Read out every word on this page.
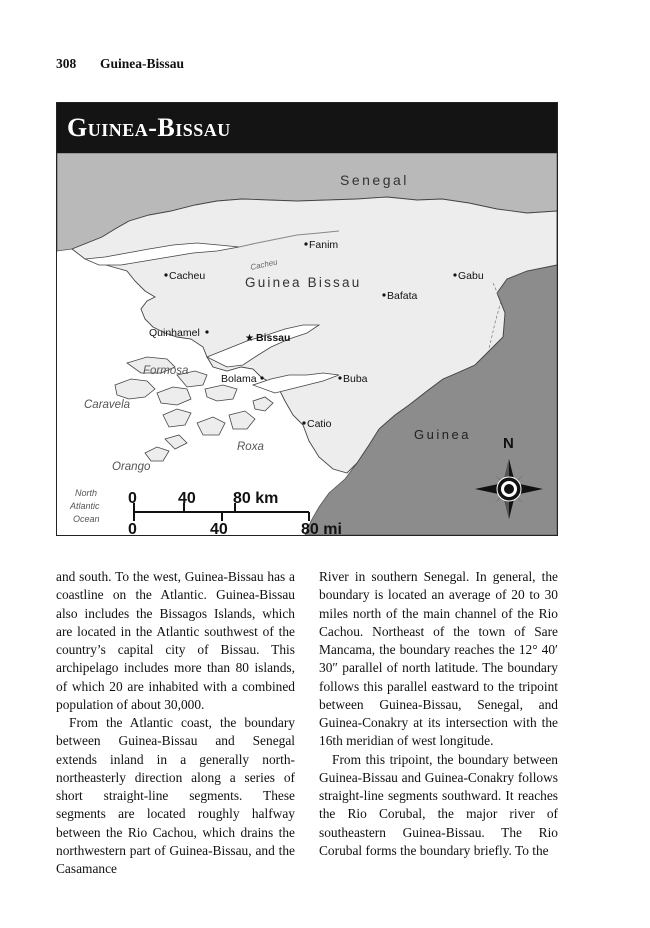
308 Guinea-Bissau
Guinea-Bissau
Senegal
Guinea Bissau
Guinea
Cacheu
Formosa
Caravela
Roxa
Orango
North
Atlantic
Ocean
Fanim
Cacheu	Gabu
Bafata
Quinhamel	★ Bissau
Bolama	Buba
Catio
0	40 80 km
0	40	80 mi
N

and south. To the west, Guinea-Bissau has a coastline on the Atlantic. Guinea-Bissau also includes the Bissagos Islands, which are located in the Atlantic southwest of the country’s capital city of Bissau. This archipelago includes more than 80 islands, of which 20 are inhabited with a combined population of about 30,000.

From the Atlantic coast, the boundary between Guinea-Bissau and Senegal extends inland in a generally north-northeasterly direction along a series of short straight-line segments. These segments are located roughly halfway between the Rio Cachou, which drains the northwestern part of Guinea-Bissau, and the Casamance

River in southern Senegal. In general, the boundary is located an average of 20 to 30 miles north of the main channel of the Rio Cachou. Northeast of the town of Sare Mancama, the boundary reaches the 12° 40′ 30″ parallel of north latitude. The boundary follows this parallel eastward to the tripoint between Guinea-Bissau, Senegal, and Guinea-Conakry at its intersection with the 16th meridian of west longitude.

From this tripoint, the boundary between Guinea-Bissau and Guinea-Conakry follows straight-line segments southward. It reaches the Rio Corubal, the major river of southeastern Guinea-Bissau. The Rio Corubal forms the boundary briefly. To the
